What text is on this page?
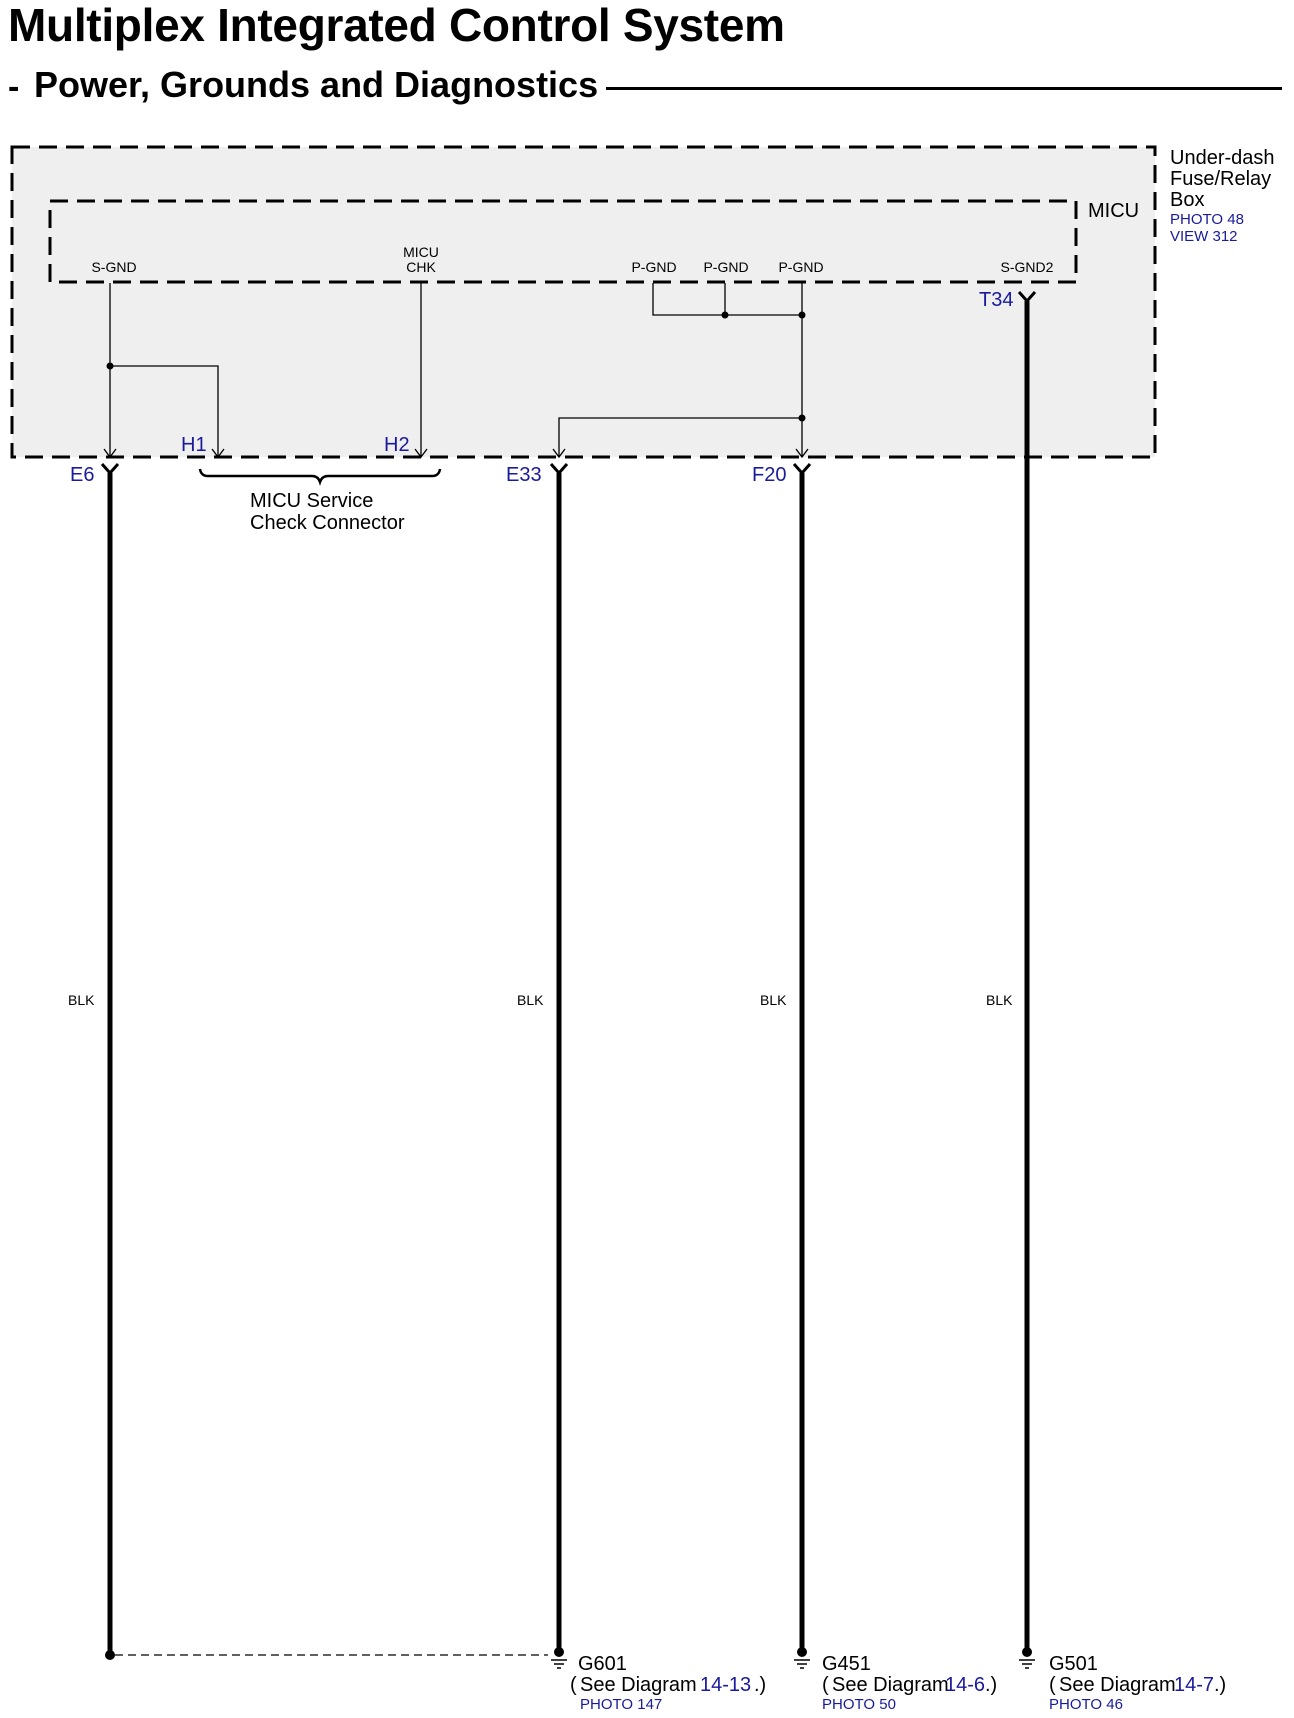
Multiplex Integrated Control System
- Power, Grounds and Diagnostics
Under-dash
Fuse/Relay
Box
PHOTO 48
VIEW 312
MICU
S-GND
MICU
CHK	P-GND P-GND P-GND	S-GND2
E6
H1	H2
E33	F20
T34
MICU Service
Check Connector
BLK	BLK	BLK	BLK
G601
( See Diagram 14-13 .)
PHOTO 147
G451
( See Diagram
14-6 .)
PHOTO 50
G501
( See Diagram
14-7 .)
PHOTO 46
